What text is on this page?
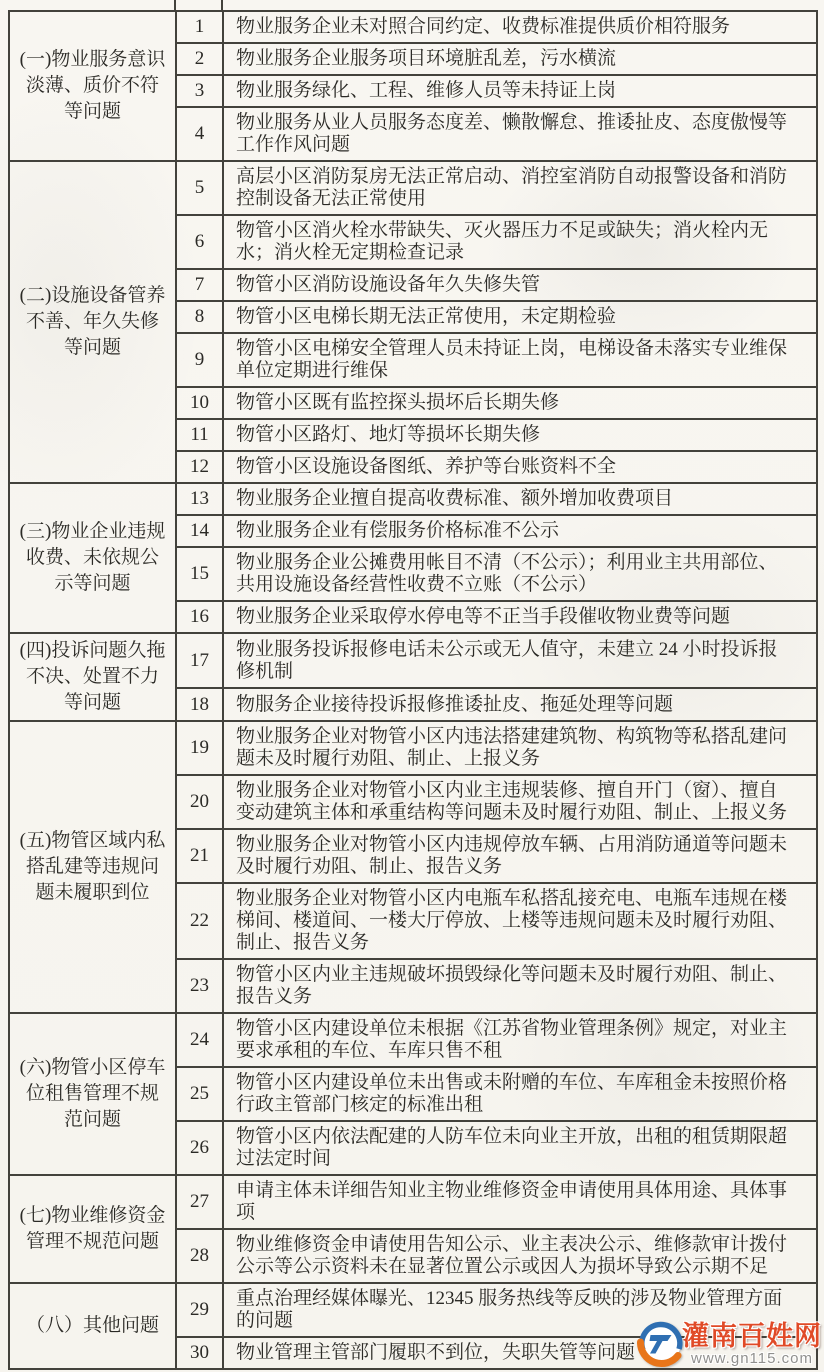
(一)物业服务意识淡薄、质价不符等问题	1	物业服务企业未对照合同约定、收费标准提供质价相符服务
	2	物业服务企业服务项目环境脏乱差，污水横流
	3	物业服务绿化、工程、维修人员等未持证上岗
	4	物业服务从业人员服务态度差、懒散懈怠、推诿扯皮、态度傲慢等工作作风问题
(二)设施设备管养不善、年久失修等问题	5	高层小区消防泵房无法正常启动、消控室消防自动报警设备和消防控制设备无法正常使用
	6	物管小区消火栓水带缺失、灭火器压力不足或缺失；消火栓内无水；消火栓无定期检查记录
	7	物管小区消防设施设备年久失修失管
	8	物管小区电梯长期无法正常使用，未定期检验
	9	物管小区电梯安全管理人员未持证上岗，电梯设备未落实专业维保单位定期进行维保
	10	物管小区既有监控探头损坏后长期失修
	11	物管小区路灯、地灯等损坏长期失修
	12	物管小区设施设备图纸、养护等台账资料不全
(三)物业企业违规收费、未依规公示等问题	13	物业服务企业擅自提高收费标准、额外增加收费项目
	14	物业服务企业有偿服务价格标准不公示
	15	物业服务企业公摊费用帐目不清（不公示）；利用业主共用部位、共用设施设备经营性收费不立账（不公示）
	16	物业服务企业采取停水停电等不正当手段催收物业费等问题
(四)投诉问题久拖不决、处置不力等问题	17	物业服务投诉报修电话未公示或无人值守，未建立 24 小时投诉报修机制
	18	物服务企业接待投诉报修推诿扯皮、拖延处理等问题
(五)物管区域内私搭乱建等违规问题未履职到位	19	物业服务企业对物管小区内违法搭建建筑物、构筑物等私搭乱建问题未及时履行劝阻、制止、上报义务
	20	物业服务企业对物管小区内业主违规装修、擅自开门（窗）、擅自变动建筑主体和承重结构等问题未及时履行劝阻、制止、上报义务
	21	物业服务企业对物管小区内违规停放车辆、占用消防通道等问题未及时履行劝阻、制止、报告义务
	22	物业服务企业对物管小区内电瓶车私搭乱接充电、电瓶车违规在楼梯间、楼道间、一楼大厅停放、上楼等违规问题未及时履行劝阻、制止、报告义务
	23	物管小区内业主违规破坏损毁绿化等问题未及时履行劝阻、制止、报告义务
(六)物管小区停车位租售管理不规范问题	24	物管小区内建设单位未根据《江苏省物业管理条例》规定，对业主要求承租的车位、车库只售不租
	25	物管小区内建设单位未出售或未附赠的车位、车库租金未按照价格行政主管部门核定的标准出租
	26	物管小区内依法配建的人防车位未向业主开放，出租的租赁期限超过法定时间
(七)物业维修资金管理不规范问题	27	申请主体未详细告知业主物业维修资金申请使用具体用途、具体事项
	28	物业维修资金申请使用告知公示、业主表决公示、维修款审计拨付公示等公示资料未在显著位置公示或因人为损坏导致公示期不足
（八）其他问题	29	重点治理经媒体曝光、12345 服务热线等反映的涉及物业管理方面的问题
	30	物业管理主管部门履职不到位，失职失管等问题
灌南百姓网
www.gn115.com
